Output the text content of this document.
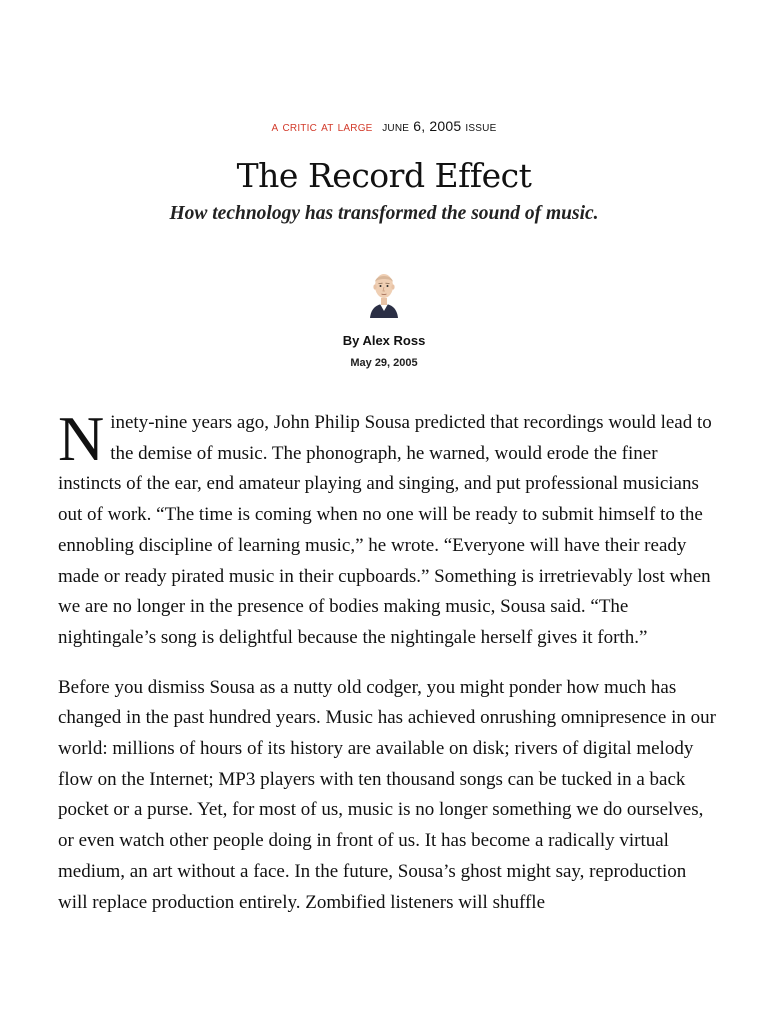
a critic at large june 6, 2005 issue
The Record Effect
How technology has transformed the sound of music.
By Alex Ross
May 29, 2005

Ninety-nine years ago, John Philip Sousa predicted that recordings would lead to the demise of music. The phonograph, he warned, would erode the finer instincts of the ear, end amateur playing and singing, and put professional musicians out of work. “The time is coming when no one will be ready to submit himself to the ennobling discipline of learning music,” he wrote. “Everyone will have their ready made or ready pirated music in their cupboards.” Something is irretrievably lost when we are no longer in the presence of bodies making music, Sousa said. “The nightingale’s song is delightful because the nightingale herself gives it forth.”

Before you dismiss Sousa as a nutty old codger, you might ponder how much has changed in the past hundred years. Music has achieved onrushing omnipresence in our world: millions of hours of its history are available on disk; rivers of digital melody flow on the Internet; MP3 players with ten thousand songs can be tucked in a back pocket or a purse. Yet, for most of us, music is no longer something we do ourselves, or even watch other people doing in front of us. It has become a radically virtual medium, an art without a face. In the future, Sousa’s ghost might say, reproduction will replace production entirely. Zombified listeners will shuffle
